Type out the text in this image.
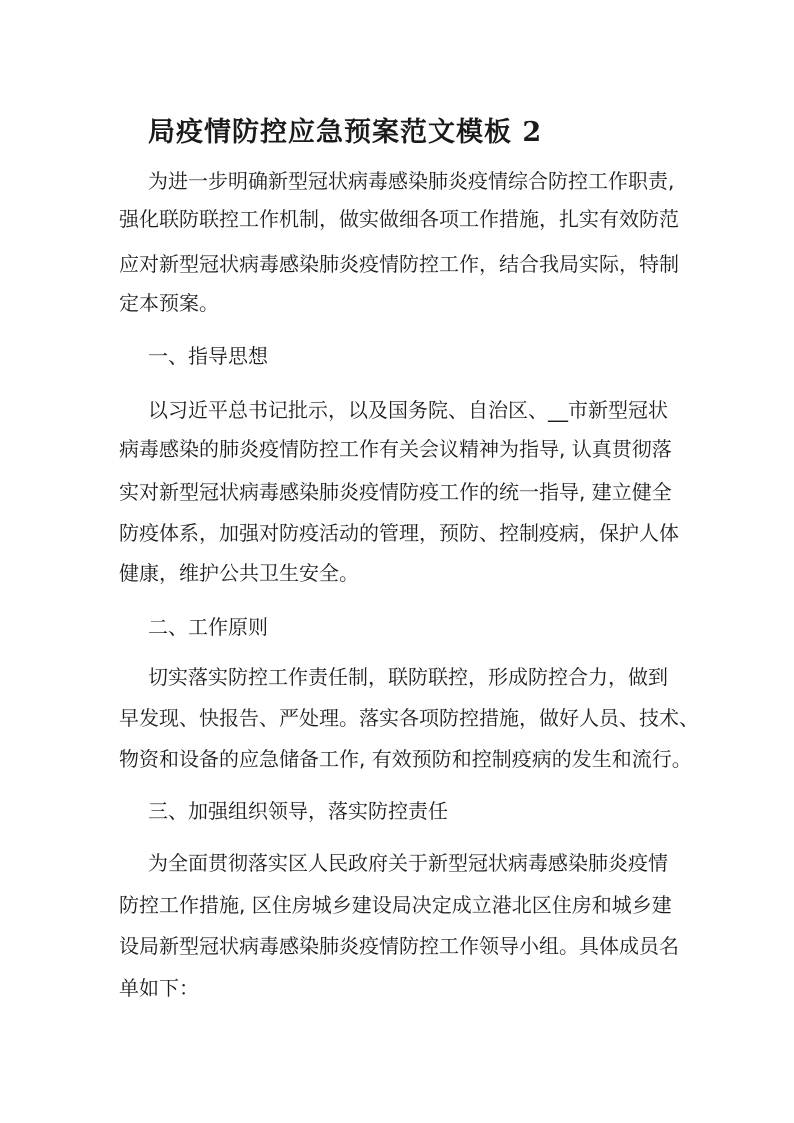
局疫情防控应急预案范文模板 2
为进一步明确新型冠状病毒感染肺炎疫情综合防控工作职责,
强化联防联控工作机制，做实做细各项工作措施，扎实有效防范
应对新型冠状病毒感染肺炎疫情防控工作，结合我局实际，特制
定本预案。
一、指导思想
以习近平总书记批示，以及国务院、自治区、__市新型冠状
病毒感染的肺炎疫情防控工作有关会议精神为指导, 认真贯彻落
实对新型冠状病毒感染肺炎疫情防疫工作的统一指导, 建立健全
防疫体系，加强对防疫活动的管理，预防、控制疫病，保护人体
健康，维护公共卫生安全。
二、工作原则
切实落实防控工作责任制，联防联控，形成防控合力，做到
早发现、快报告、严处理。落实各项防控措施，做好人员、技术、
物资和设备的应急储备工作, 有效预防和控制疫病的发生和流行。
三、加强组织领导，落实防控责任
为全面贯彻落实区人民政府关于新型冠状病毒感染肺炎疫情
防控工作措施, 区住房城乡建设局决定成立港北区住房和城乡建
设局新型冠状病毒感染肺炎疫情防控工作领导小组。具体成员名
单如下：
